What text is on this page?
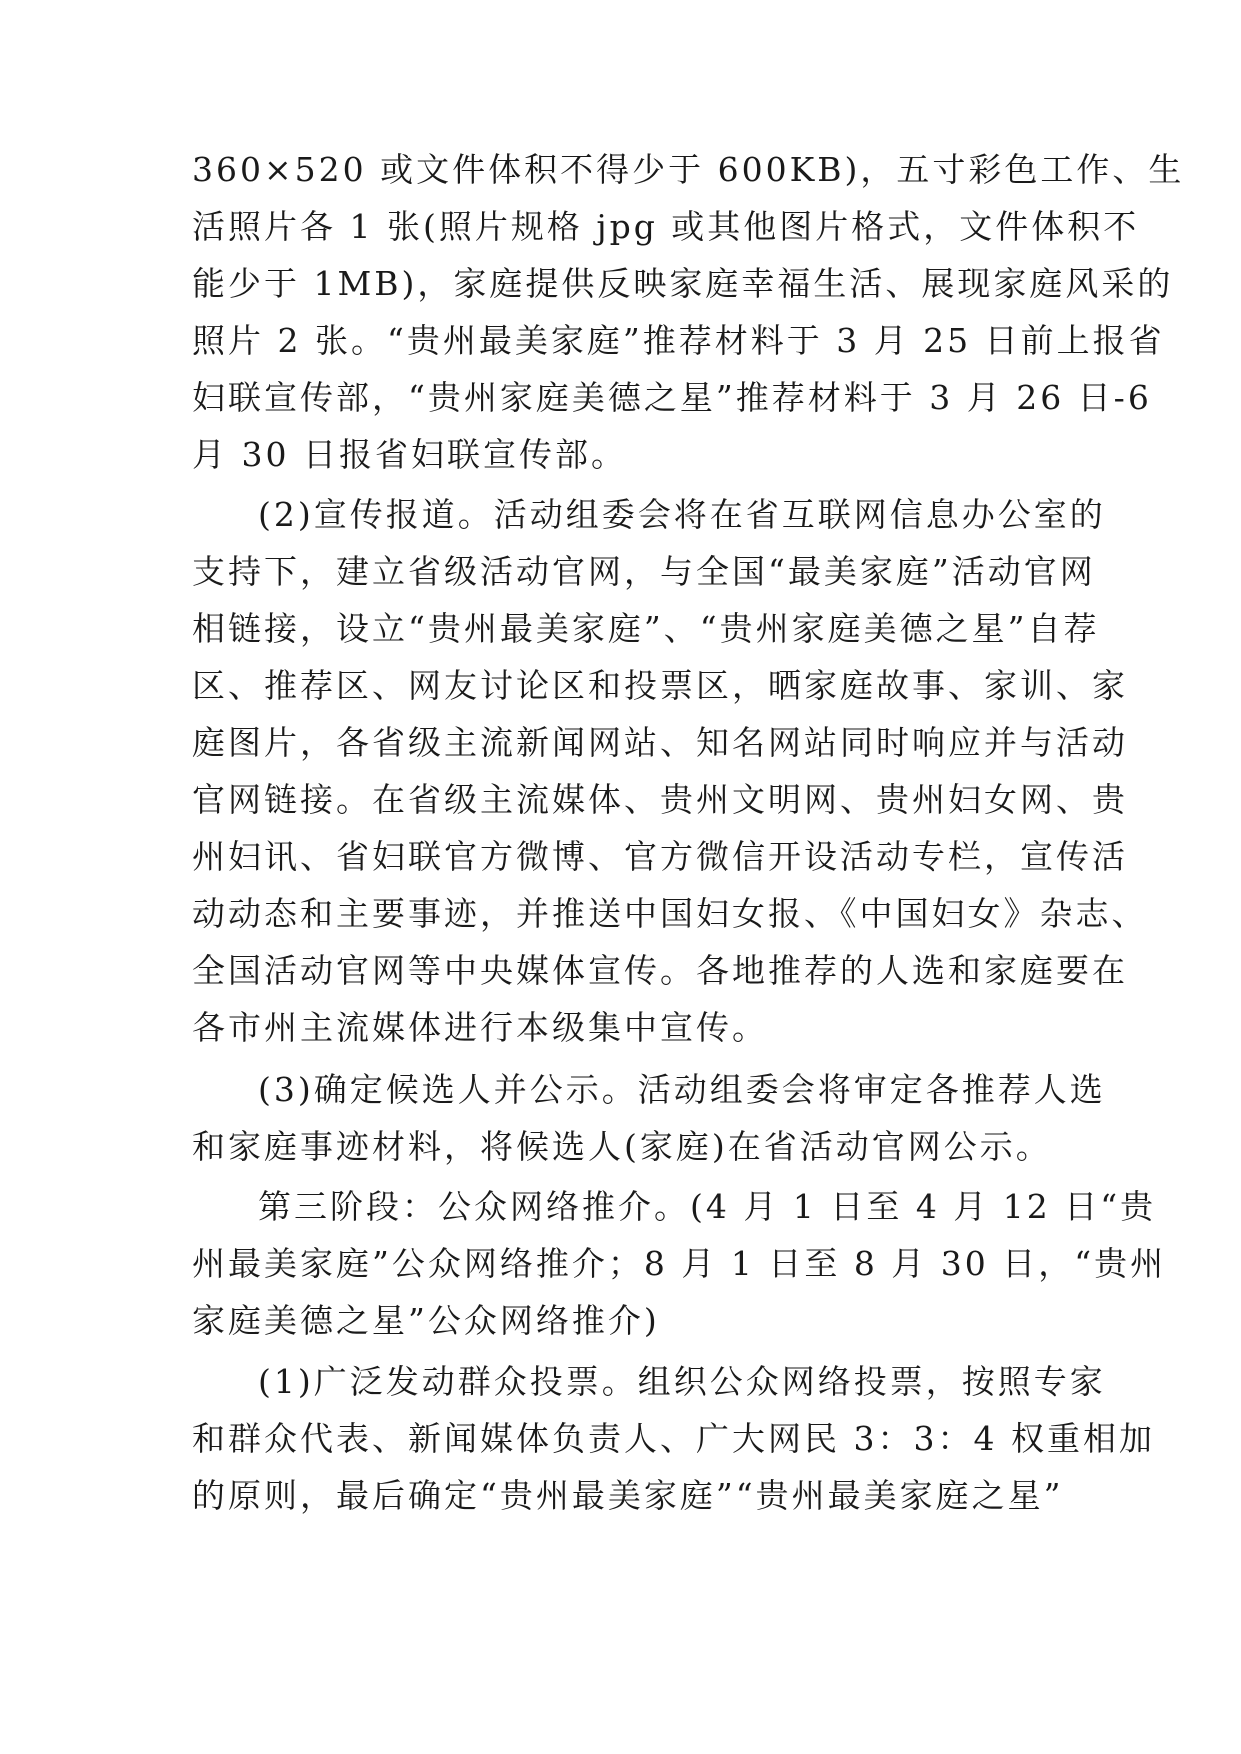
360×520 或文件体积不得少于 600KB)，五寸彩色工作、生
活照片各 1 张(照片规格 jpg 或其他图片格式，文件体积不
能少于 1MB)，家庭提供反映家庭幸福生活、展现家庭风采的
照片 2 张。“贵州最美家庭”推荐材料于 3 月 25 日前上报省
妇联宣传部，“贵州家庭美德之星”推荐材料于 3 月 26 日-6
月 30 日报省妇联宣传部。
(2)宣传报道。活动组委会将在省互联网信息办公室的
支持下，建立省级活动官网，与全国“最美家庭”活动官网
相链接，设立“贵州最美家庭”、“贵州家庭美德之星”自荐
区、推荐区、网友讨论区和投票区，晒家庭故事、家训、家
庭图片，各省级主流新闻网站、知名网站同时响应并与活动
官网链接。在省级主流媒体、贵州文明网、贵州妇女网、贵
州妇讯、省妇联官方微博、官方微信开设活动专栏，宣传活
动动态和主要事迹，并推送中国妇女报、《中国妇女》杂志、
全国活动官网等中央媒体宣传。各地推荐的人选和家庭要在
各市州主流媒体进行本级集中宣传。
(3)确定候选人并公示。活动组委会将审定各推荐人选
和家庭事迹材料，将候选人(家庭)在省活动官网公示。
第三阶段：公众网络推介。(4 月 1 日至 4 月 12 日“贵
州最美家庭”公众网络推介；8 月 1 日至 8 月 30 日，“贵州
家庭美德之星”公众网络推介)
(1)广泛发动群众投票。组织公众网络投票，按照专家
和群众代表、新闻媒体负责人、广大网民 3：3：4 权重相加
的原则，最后确定“贵州最美家庭”“贵州最美家庭之星”
